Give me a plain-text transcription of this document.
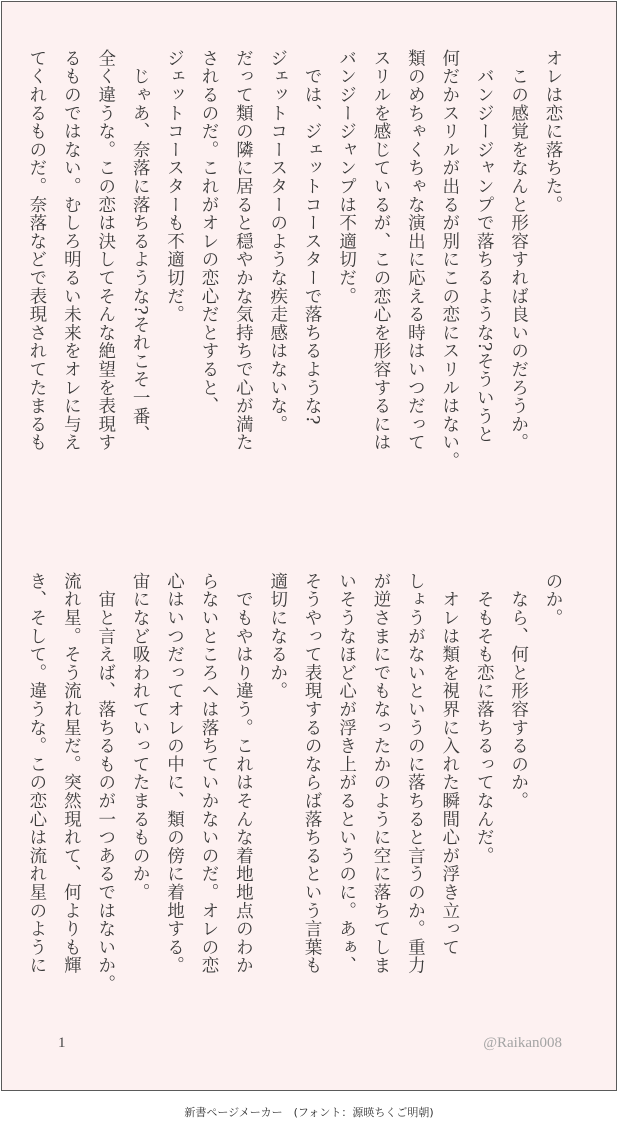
オレは恋に落ちた。
　この感覚をなんと形容すれば良いのだろうか。
　バンジージャンプで落ちるような?そういうと
何だかスリルが出るが別にこの恋にスリルはない。
類のめちゃくちゃな演出に応える時はいつだって
スリルを感じているが、この恋心を形容するには
バンジージャンプは不適切だ。
　では、ジェットコースターで落ちるような?
ジェットコースターのような疾走感はないな。
だって類の隣に居ると穏やかな気持ちで心が満た
されるのだ。これがオレの恋心だとすると、
ジェットコースターも不適切だ。
　じゃあ、奈落に落ちるような?それこそ一番、
全く違うな。この恋は決してそんな絶望を表現す
るものではない。むしろ明るい未来をオレに与え
てくれるものだ。奈落などで表現されてたまるも
のか。
　なら、何と形容するのか。
　そもそも恋に落ちるってなんだ。
　オレは類を視界に入れた瞬間心が浮き立って
しょうがないというのに落ちると言うのか。重力
が逆さまにでもなったかのように空に落ちてしま
いそうなほど心が浮き上がるというのに。あぁ、
そうやって表現するのならば落ちるという言葉も
適切になるか。
　でもやはり違う。これはそんな着地地点のわか
らないところへは落ちていかないのだ。オレの恋
心はいつだってオレの中に、類の傍に着地する。
宙になど吸われていってたまるものか。
　宙と言えば、落ちるものが一つあるではないか。
流れ星。そう流れ星だ。突然現れて、何よりも輝
き、そして。違うな。この恋心は流れ星のように
1	@Raikan008
新書ページメーカー　(フォント：源暎ちくご明朝)
